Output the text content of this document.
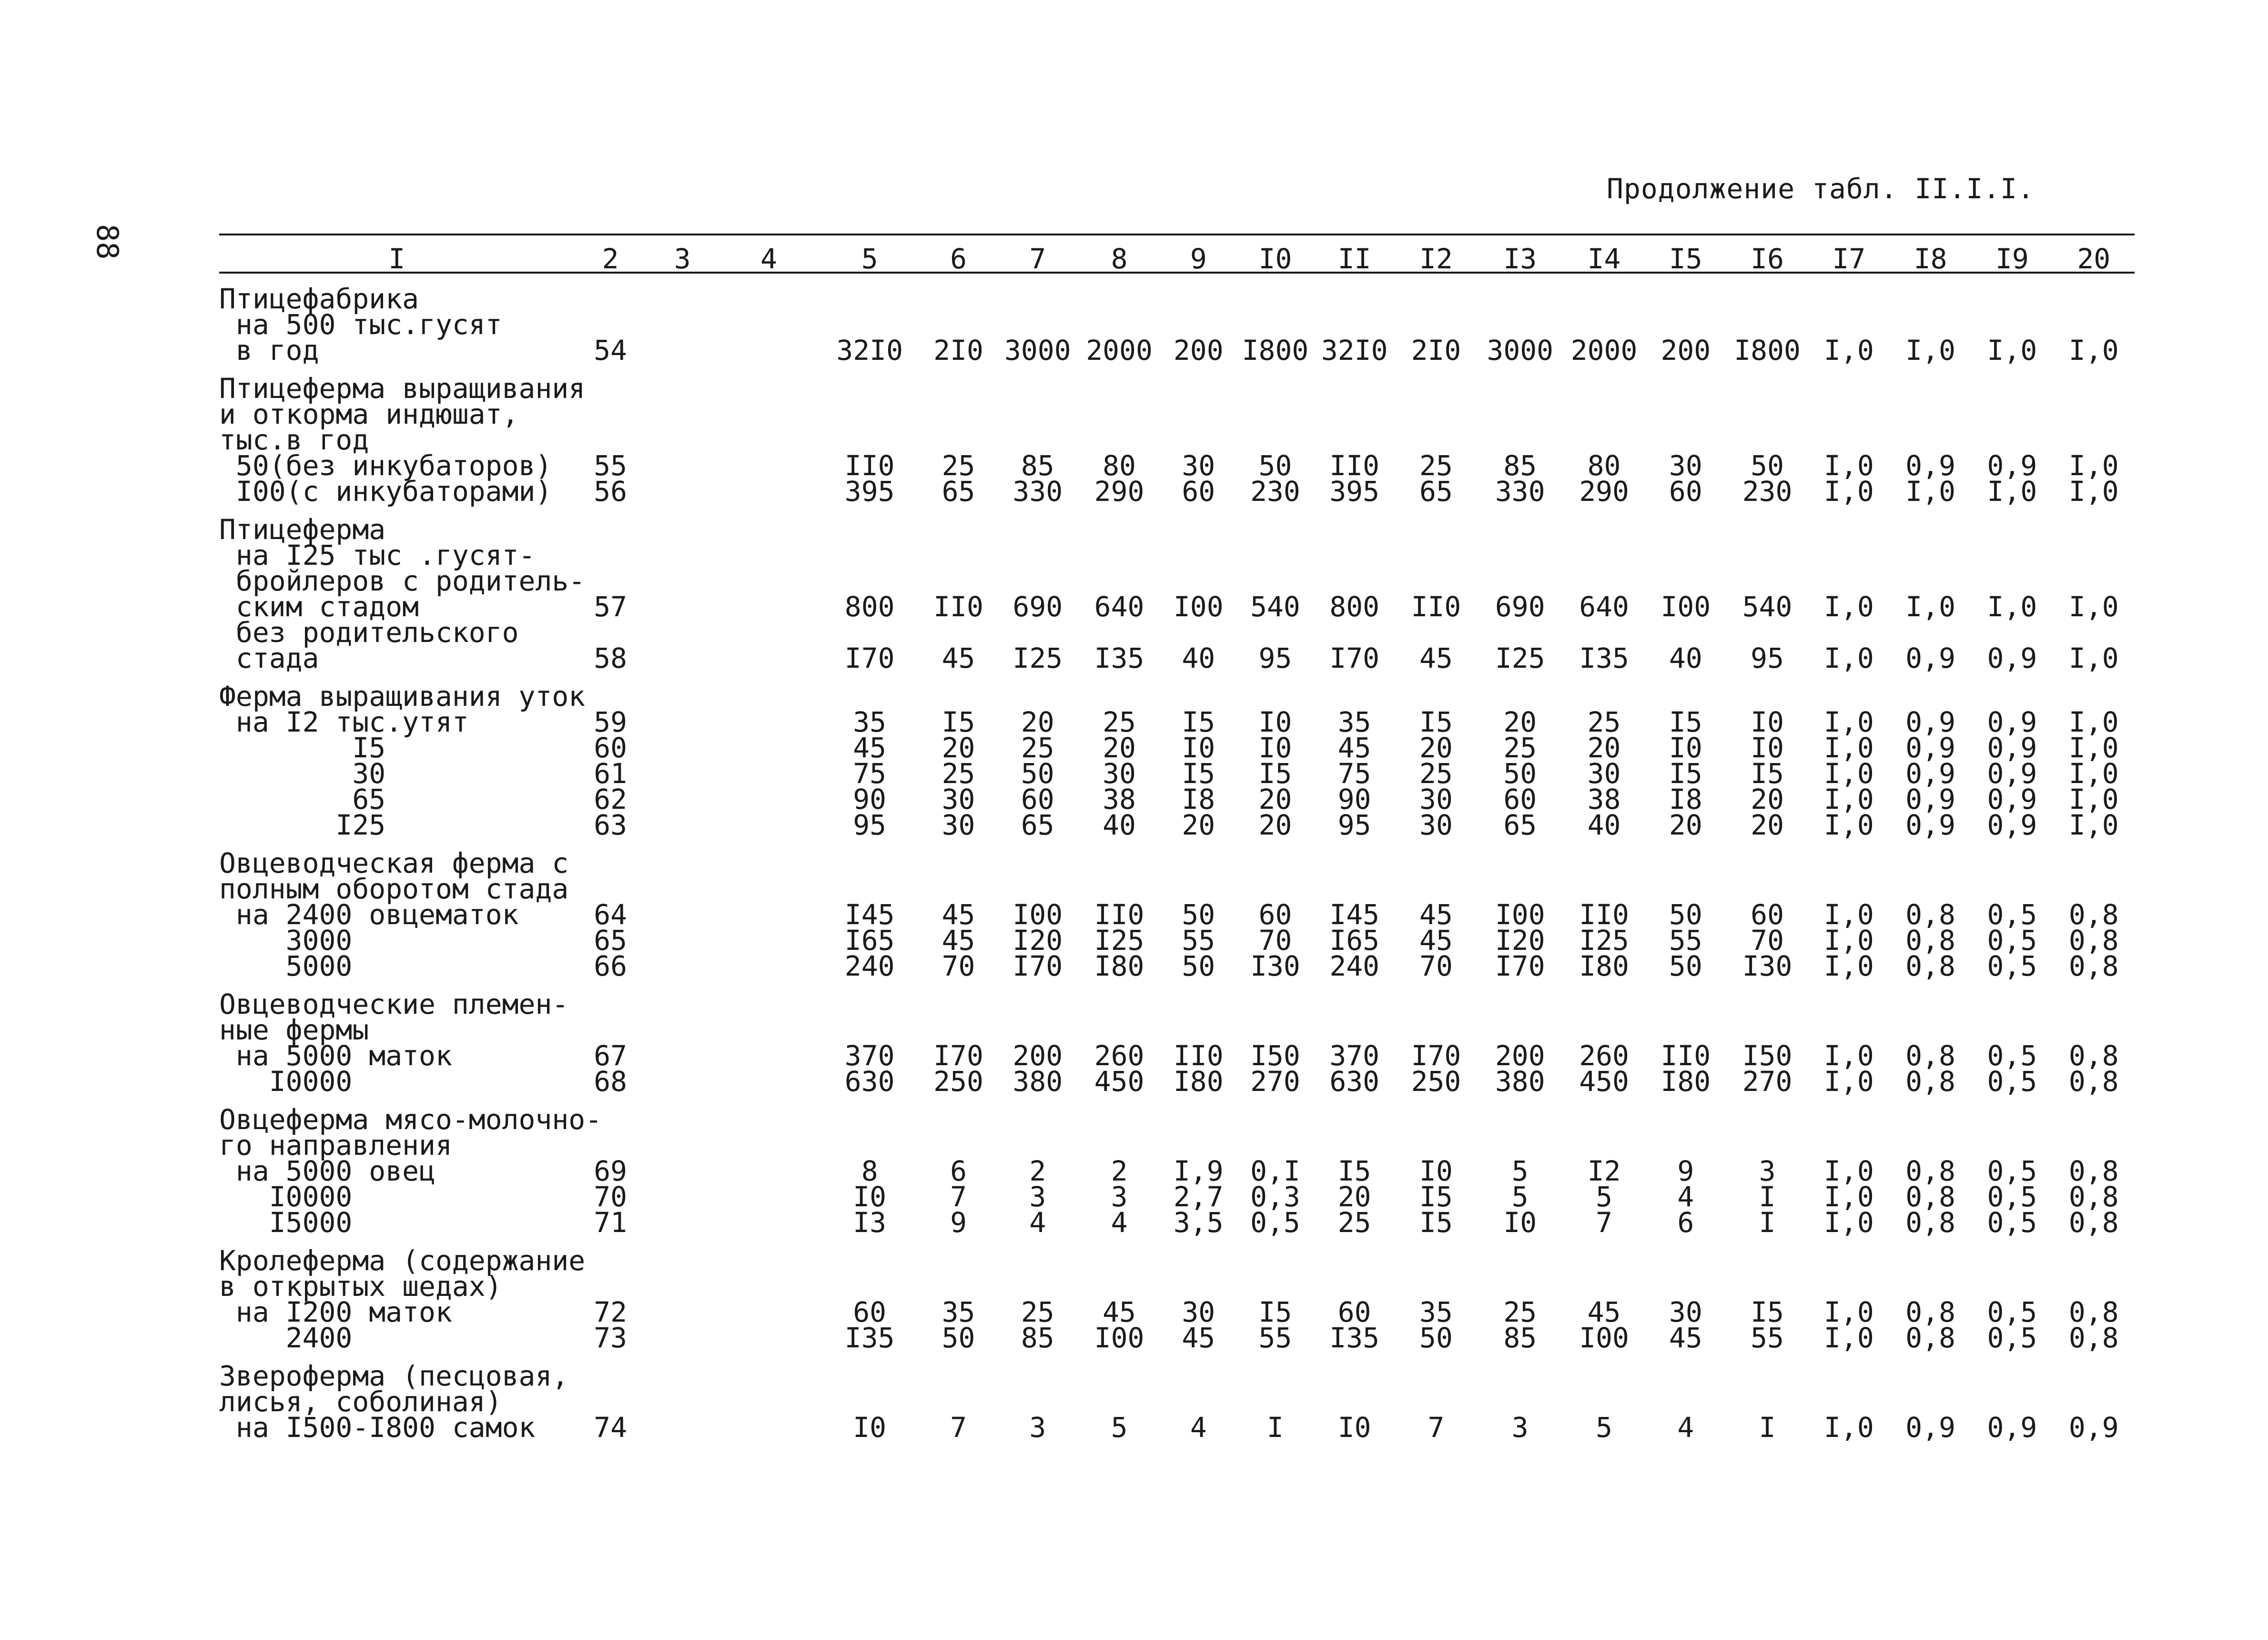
88
Продолжение табл. II.I.I.
I	2	3	4	5	6	7	8	9	I0	II	I2	I3	I4	I5	I6	I7	I8	I9	20
Птицефабрика																			
на 500 тыс.гусят																			
в год	54			32I0	2I0	3000	2000	200	I800	32I0	2I0	3000	2000	200	I800	I,0	I,0	I,0	I,0
Птицеферма выращивания																			
и откорма индюшат,																			
тыс.в год																			
50(без инкубаторов)	55			II0	25	85	80	30	50	II0	25	85	80	30	50	I,0	0,9	0,9	I,0
I00(с инкубаторами)	56			395	65	330	290	60	230	395	65	330	290	60	230	I,0	I,0	I,0	I,0
Птицеферма																			
на I25 тыс .гусят-																			
бройлеров с родитель-																			
ским стадом	57			800	II0	690	640	I00	540	800	II0	690	640	I00	540	I,0	I,0	I,0	I,0
без родительского
стада	58			I70	45	I25	I35	40	95	I70	45	I25	I35	40	95	I,0	0,9	0,9	I,0
Ферма выращивания уток																			
на I2 тыс.утят	59			35	I5	20	25	I5	I0	35	I5	20	25	I5	I0	I,0	0,9	0,9	I,0
I5	60			45	20	25	20	I0	I0	45	20	25	20	I0	I0	I,0	0,9	0,9	I,0
30	61			75	25	50	30	I5	I5	75	25	50	30	I5	I5	I,0	0,9	0,9	I,0
65	62			90	30	60	38	I8	20	90	30	60	38	I8	20	I,0	0,9	0,9	I,0
I25	63			95	30	65	40	20	20	95	30	65	40	20	20	I,0	0,9	0,9	I,0
Овцеводческая ферма с																			
полным оборотом стада																			
на 2400 овцематок	64			I45	45	I00	II0	50	60	I45	45	I00	II0	50	60	I,0	0,8	0,5	0,8
3000	65			I65	45	I20	I25	55	70	I65	45	I20	I25	55	70	I,0	0,8	0,5	0,8
5000	66			240	70	I70	I80	50	I30	240	70	I70	I80	50	I30	I,0	0,8	0,5	0,8
Овцеводческие племен-																			
ные фермы																			
на 5000 маток	67			370	I70	200	260	II0	I50	370	I70	200	260	II0	I50	I,0	0,8	0,5	0,8
I0000	68			630	250	380	450	I80	270	630	250	380	450	I80	270	I,0	0,8	0,5	0,8
Овцеферма мясо-молочно-																			
го направления																			
на 5000 овец	69			8	6	2	2	I,9	0,I	I5	I0	5	I2	9	3	I,0	0,8	0,5	0,8
I0000	70			I0	7	3	3	2,7	0,3	20	I5	5	5	4	I	I,0	0,8	0,5	0,8
I5000	71			I3	9	4	4	3,5	0,5	25	I5	I0	7	6	I	I,0	0,8	0,5	0,8
Кролеферма (содержание																			
в открытых шедах)																			
на I200 маток	72			60	35	25	45	30	I5	60	35	25	45	30	I5	I,0	0,8	0,5	0,8
2400	73			I35	50	85	I00	45	55	I35	50	85	I00	45	55	I,0	0,8	0,5	0,8
Звероферма (песцовая,																			
лисья, соболиная)																			
на I500-I800 самок	74			I0	7	3	5	4	I	I0	7	3	5	4	I	I,0	0,9	0,9	0,9
